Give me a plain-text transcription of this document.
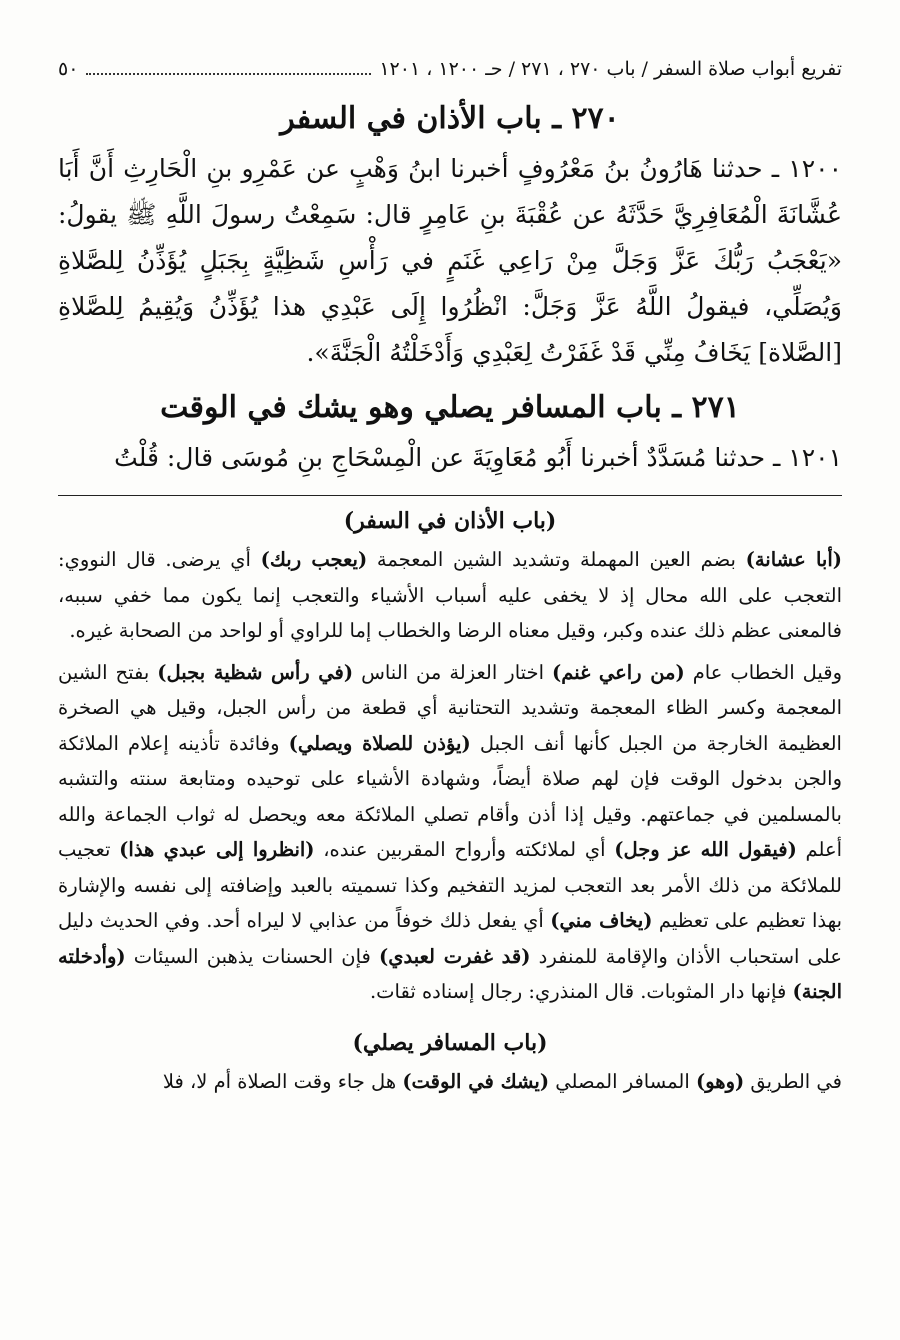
تفريع أبواب صلاة السفر / باب ٢٧٠ ، ٢٧١ / حـ ١٢٠٠ ، ١٢٠١
٥٠
٢٧٠ ـ باب الأذان في السفر

١٢٠٠ ـ حدثنا هَارُونُ بنُ مَعْرُوفٍ أخبرنا ابنُ وَهْبٍ عن عَمْرِو بنِ الْحَارِثِ أَنَّ أَبَا عُشَّانَةَ الْمُعَافِرِيَّ حَدَّثَهُ عن عُقْبَةَ بنِ عَامِرٍ قال: سَمِعْتُ رسولَ اللَّهِ ﷺ يقولُ: «يَعْجَبُ رَبُّكَ عَزَّ وَجَلَّ مِنْ رَاعِي غَنَمٍ في رَأْسِ شَظِيَّةٍ بِجَبَلٍ يُؤَذِّنُ لِلصَّلاةِ وَيُصَلِّي، فيقولُ اللَّهُ عَزَّ وَجَلَّ: انْظُرُوا إِلَى عَبْدِي هذا يُؤَذِّنُ وَيُقِيمُ لِلصَّلاةِ [الصَّلاة] يَخَافُ مِنِّي قَدْ غَفَرْتُ لِعَبْدِي وَأَدْخَلْتُهُ الْجَنَّةَ».

٢٧١ ـ باب المسافر يصلي وهو يشك في الوقت

١٢٠١ ـ حدثنا مُسَدَّدٌ أخبرنا أَبُو مُعَاوِيَةَ عن الْمِسْحَاجِ بنِ مُوسَى قال: قُلْتُ

(باب الأذان في السفر)

(أبا عشانة) بضم العين المهملة وتشديد الشين المعجمة (يعجب ربك) أي يرضى. قال النووي: التعجب على الله محال إذ لا يخفى عليه أسباب الأشياء والتعجب إنما يكون مما خفي سببه، فالمعنى عظم ذلك عنده وكبر، وقيل معناه الرضا والخطاب إما للراوي أو لواحد من الصحابة غيره.

وقيل الخطاب عام (من راعي غنم) اختار العزلة من الناس (في رأس شظية بجبل) بفتح الشين المعجمة وكسر الظاء المعجمة وتشديد التحتانية أي قطعة من رأس الجبل، وقيل هي الصخرة العظيمة الخارجة من الجبل كأنها أنف الجبل (يؤذن للصلاة ويصلي) وفائدة تأذينه إعلام الملائكة والجن بدخول الوقت فإن لهم صلاة أيضاً، وشهادة الأشياء على توحيده ومتابعة سنته والتشبه بالمسلمين في جماعتهم. وقيل إذا أذن وأقام تصلي الملائكة معه ويحصل له ثواب الجماعة والله أعلم (فيقول الله عز وجل) أي لملائكته وأرواح المقربين عنده، (انظروا إلى عبدي هذا) تعجيب للملائكة من ذلك الأمر بعد التعجب لمزيد التفخيم وكذا تسميته بالعبد وإضافته إلى نفسه والإشارة بهذا تعظيم على تعظيم (يخاف مني) أي يفعل ذلك خوفاً من عذابي لا ليراه أحد. وفي الحديث دليل على استحباب الأذان والإقامة للمنفرد (قد غفرت لعبدي) فإن الحسنات يذهبن السيئات (وأدخلته الجنة) فإنها دار المثوبات. قال المنذري: رجال إسناده ثقات.

(باب المسافر يصلي)

في الطريق (وهو) المسافر المصلي (يشك في الوقت) هل جاء وقت الصلاة أم لا، فلا
